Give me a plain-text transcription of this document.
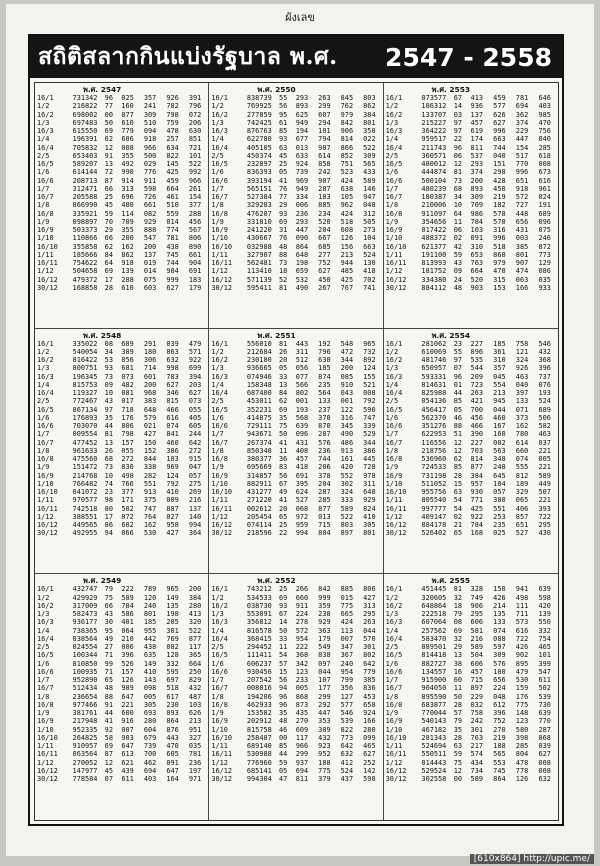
ผังเลข
สถิติสลากกินแบ่งรัฐบาล พ.ศ. 2547 - 2558
พ.ศ. 2547
16/1	731342	96	025	357	926	391
1/2	216822	77	160	241	782	796
16/2	698002	00	877	309	798	072
1/3	697483	50	610	510	759	206
16/3	615550	69	779	094	478	630
1/4	196391	62	606	918	257	851
16/4	705832	12	008	966	634	721
2/5	653403	91	355	500	822	101
16/5	589207	13	492	029	145	522
1/6	614144	72	990	776	425	992
16/6	208713	87	914	911	459	966
1/7	312471	66	313	598	664	261
16/7	205588	25	696	726	461	154
1/8	866990	45	480	661	510	377
16/8	335921	59	114	082	559	288
1/9	098897	70	709	929	014	456
16/9	503373	29	355	888	774	567
1/10	110866	66	200	547	781	806
16/10	355858	62	162	200	438	890
1/11	185666	84	862	137	745	661
16/11	754622	64	918	019	744	904
1/12	504658	69	139	014	984	691
16/12	479372	17	288	075	999	183
30/12	168858	28	610	603	627	179
พ.ศ. 2550
16/1	838739	55	293	263	845	803
1/2	769925	56	893	299	762	862
16/2	277859	95	625	607	979	384
1/3	742425	61	949	294	842	801
16/3	876763	85	194	101	906	350
1/4	622780	93	677	794	814	022
16/4	405105	63	013	987	866	522
2/5	450374	45	633	614	852	309
16/5	232897	25	924	858	751	565
1/6	836393	05	739	242	523	433
16/6	393194	41	969	907	424	589
1/7	565151	76	949	287	638	146
16/7	527384	77	334	183	105	947
1/8	329283	29	006	885	962	048
16/8	476207	93	236	234	424	312
1/9	331810	69	293	520	518	505
16/9	241220	31	447	204	608	273
1/10	430667	76	090	667	126	104
16/10	032988	48	864	685	156	663
1/11	327907	88	648	277	213	524
16/11	562481	73	198	752	944	130
1/12	113410	18	659	627	485	418
16/12	571139	52	532	450	425	702
30/12	595411	81	490	267	767	741
พ.ศ. 2553
16/1	073577	67	413	459	781	646
1/2	186312	14	936	577	694	403
16/2	133707	03	137	626	362	985
1/3	215227	97	457	627	374	470
16/3	364222	97	619	996	229	756
1/4	959517	22	174	663	447	040
16/4	211743	96	811	744	154	285
2/5	360571	06	537	040	517	618
16/5	480012	12	293	151	770	008
1/6	444874	81	374	298	996	673
16/6	500104	73	200	428	651	616
1/7	480239	68	893	450	918	961
16/7	180387	34	309	219	572	024
1/8	210006	10	709	182	727	191
16/8	911097	64	986	578	448	689
1/9	354656	11	784	570	656	096
16/9	017422	06	103	316	431	075
1/10	488372	02	091	996	003	246
16/10	621377	42	310	518	385	872
1/11	191100	59	653	868	801	773
16/11	813993	43	763	979	907	129
1/12	181752	09	664	470	474	086
16/12	334380	24	520	315	063	035
30/12	884112	48	903	153	166	933
พ.ศ. 2548
16/1	335022	08	689	291	039	479
1/2	540054	34	389	180	863	571
16/2	816422	53	056	306	632	922
1/3	800751	93	681	714	998	699
16/3	196345	73	073	601	783	394
1/4	815753	09	482	200	627	203
16/4	119327	10	081	968	346	627
2/5	772467	43	017	383	815	073
16/5	867134	97	718	648	466	055
1/6	176893	35	176	579	616	405
16/6	703070	44	806	021	074	605
1/7	009554	81	798	427	841	244
16/7	477452	13	157	150	460	642
1/8	961633	26	055	152	386	272
16/8	475560	68	272	844	103	915
1/9	151472	73	830	338	969	047
16/9	214768	10	498	282	124	057
1/10	766482	74	766	551	792	275
16/10	041072	23	377	913	410	269
1/11	970577	98	171	375	009	216
16/11	742518	80	502	747	887	137
1/12	388551	17	072	764	027	140
16/12	449565	86	602	162	958	994
30/12	492955	94	066	530	427	364
พ.ศ. 2551
16/1	556010	81	443	192	548	965
1/2	212684	26	311	796	472	732
16/2	230180	20	512	630	344	892
1/3	936665	05	056	185	200	124
16/3	074946	33	077	874	085	155
1/4	158348	13	566	235	910	521
16/4	687400	84	802	564	043	008
2/5	453011	62	001	133	001	792
16/5	352231	69	193	237	122	590
1/6	414875	35	568	370	316	747
16/6	729111	75	639	870	345	339
1/7	943671	50	096	287	490	529
16/7	267374	41	431	576	486	344
1/8	850348	11	408	236	913	386
16/8	380377	36	457	744	161	445
1/9	695669	83	418	206	420	728
16/9	314857	56	691	378	552	978
1/10	882911	67	395	204	302	311
16/10	431277	49	624	287	324	648
1/11	271220	41	527	285	333	929
16/11	002612	20	068	877	589	824
1/12	205454	65	972	013	522	410
16/12	074114	25	959	715	803	305
30/12	218596	22	994	804	897	801
พ.ศ. 2554
16/1	281062	23	227	185	758	546
1/2	610069	55	896	361	121	432
16/2	481746	97	535	310	324	368
1/3	650957	07	544	357	926	396
16/3	593331	96	209	045	463	737
1/4	814631	01	723	554	040	076
16/4	825988	44	263	213	397	193
2/5	054136	85	421	945	133	524
16/5	456417	05	700	044	071	689
1/6	562370	46	456	460	373	506
16/6	351276	88	466	167	162	582
1/7	622953	51	390	160	780	463
16/7	116556	12	227	002	614	037
1/8	218756	12	703	563	660	221
16/8	536960	62	814	348	074	005
1/9	724533	85	877	248	555	221
16/9	731198	28	384	645	812	589
1/10	511052	15	957	104	189	449
16/10	955756	63	930	057	329	507
1/11	805540	54	771	380	065	221
16/11	997777	54	425	551	406	393
1/12	409147	02	922	253	857	722
16/12	884178	21	784	235	651	295
30/12	526402	65	168	025	527	430
พ.ศ. 2549
16/1	432747	79	222	789	965	200
1/2	429929	75	589	120	149	384
16/2	317009	66	784	240	135	280
1/3	582473	43	586	801	198	413
16/3	936177	30	401	185	205	320
1/4	738365	95	064	955	301	522
16/4	038564	49	210	442	769	877
2/5	024554	27	006	438	082	117
16/5	100344	71	396	635	128	365
1/6	810850	99	526	149	332	664
16/6	100935	71	157	410	595	250
1/7	952890	65	126	143	697	829
16/7	512434	48	989	098	518	432
1/8	236654	88	647	005	617	487
16/8	977466	91	221	305	230	103
1/9	381761	44	600	693	093	626
16/9	217948	41	916	280	864	213
1/10	952335	92	007	604	876	951
16/10	264825	58	903	679	443	327
1/11	910957	69	647	739	470	035
16/11	063564	87	613	700	605	781
1/12	270052	12	621	462	091	236
16/12	147977	45	439	694	647	197
30/12	778584	07	611	403	164	971
พ.ศ. 2552
16/1	743212	25	266	842	885	806
1/2	534533	69	660	999	015	427
16/2	038730	93	911	359	775	313
1/3	553091	67	224	238	665	295
16/3	356812	14	278	929	424	263
1/4	816578	50	572	363	113	044
16/4	368415	33	954	179	007	570
2/5	294452	11	222	549	347	301
16/5	111411	54	368	838	367	802
1/6	606237	57	342	097	240	642
16/6	930456	15	123	044	954	779
1/7	207542	56	233	107	799	385
16/7	008016	94	005	177	356	836
1/8	194206	96	868	299	127	453
16/8	462933	96	873	292	577	658
1/9	153582	35	435	447	546	924
16/9	202912	48	270	353	539	166
1/10	815758	46	609	309	822	280
16/10	258487	00	117	432	773	099
1/11	689140	85	966	923	642	465
16/11	530988	44	299	952	632	627
1/12	776960	59	937	188	412	252
16/12	685141	05	694	775	524	142
30/12	994304	47	811	379	437	598
พ.ศ. 2555
16/1	451445	81	328	150	941	639
1/2	320605	32	749	426	498	598
16/2	648864	18	906	214	111	420
1/3	222518	79	295	135	711	139
16/3	607064	08	606	133	573	550
1/4	257562	69	581	074	616	332
16/4	583470	32	216	088	722	754
2/5	889501	29	589	597	426	465
16/5	814418	13	504	309	902	101
1/6	882727	38	606	576	895	399
16/6	134557	16	457	180	479	547
1/7	915900	60	715	656	530	611
16/7	904050	11	897	224	159	502
1/8	895590	50	229	048	176	539
16/8	683877	28	032	612	775	730
1/9	770044	57	758	396	148	639
16/9	540143	79	242	752	123	770
1/10	467182	35	301	270	580	287
16/10	281343	28	763	219	398	868
1/11	524694	63	217	188	285	039
16/11	550511	59	574	565	804	627
1/12	014443	75	434	553	478	008
16/12	529524	12	734	745	778	008
30/12	302558	00	589	864	126	632
[610x864] http://upic.me/
